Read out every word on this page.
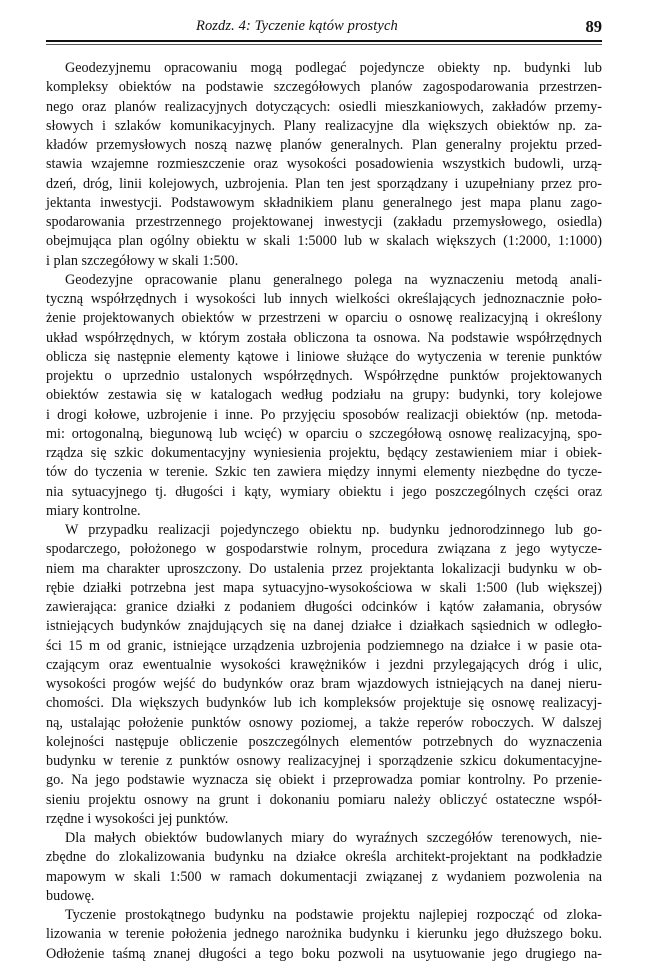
Rozdz. 4: Tyczenie kątów prostych	89
Geodezyjnemu opracowaniu mogą podlegać pojedyncze obiekty np. budynki lub
kompleksy obiektów na podstawie szczegółowych planów zagospodarowania przestrzen-
nego oraz planów realizacyjnych dotyczących: osiedli mieszkaniowych, zakładów przemy-
słowych i szlaków komunikacyjnych. Plany realizacyjne dla większych obiektów np. za-
kładów przemysłowych noszą nazwę planów generalnych. Plan generalny projektu przed-
stawia wzajemne rozmieszczenie oraz wysokości posadowienia wszystkich budowli, urzą-
dzeń, dróg, linii kolejowych, uzbrojenia. Plan ten jest sporządzany i uzupełniany przez pro-
jektanta inwestycji. Podstawowym składnikiem planu generalnego jest mapa planu zago-
spodarowania przestrzennego projektowanej inwestycji (zakładu przemysłowego, osiedla)
obejmująca plan ogólny obiektu w skali 1:5000 lub w skalach większych (1:2000, 1:1000)
i plan szczegółowy w skali 1:500.
Geodezyjne opracowanie planu generalnego polega na wyznaczeniu metodą anali-
tyczną współrzędnych i wysokości lub innych wielkości określających jednoznacznie poło-
żenie projektowanych obiektów w przestrzeni w oparciu o osnowę realizacyjną i określony
układ współrzędnych, w którym została obliczona ta osnowa. Na podstawie współrzędnych
oblicza się następnie elementy kątowe i liniowe służące do wytyczenia w terenie punktów
projektu o uprzednio ustalonych współrzędnych. Współrzędne punktów projektowanych
obiektów zestawia się w katalogach według podziału na grupy: budynki, tory kolejowe
i drogi kołowe, uzbrojenie i inne. Po przyjęciu sposobów realizacji obiektów (np. metoda-
mi: ortogonalną, biegunową lub wcięć) w oparciu o szczegółową osnowę realizacyjną, spo-
rządza się szkic dokumentacyjny wyniesienia projektu, będący zestawieniem miar i obiek-
tów do tyczenia w terenie. Szkic ten zawiera między innymi elementy niezbędne do tycze-
nia sytuacyjnego tj. długości i kąty, wymiary obiektu i jego poszczególnych części oraz
miary kontrolne.
W przypadku realizacji pojedynczego obiektu np. budynku jednorodzinnego lub go-
spodarczego, położonego w gospodarstwie rolnym, procedura związana z jego wytycze-
niem ma charakter uproszczony. Do ustalenia przez projektanta lokalizacji budynku w ob-
rębie działki potrzebna jest mapa sytuacyjno-wysokościowa w skali 1:500 (lub większej)
zawierająca: granice działki z podaniem długości odcinków i kątów załamania, obrysów
istniejących budynków znajdujących się na danej działce i działkach sąsiednich w odległo-
ści 15 m od granic, istniejące urządzenia uzbrojenia podziemnego na działce i w pasie ota-
czającym oraz ewentualnie wysokości krawężników i jezdni przylegających dróg i ulic,
wysokości progów wejść do budynków oraz bram wjazdowych istniejących na danej nieru-
chomości. Dla większych budynków lub ich kompleksów projektuje się osnowę realizacyj-
ną, ustalając położenie punktów osnowy poziomej, a także reperów roboczych. W dalszej
kolejności następuje obliczenie poszczególnych elementów potrzebnych do wyznaczenia
budynku w terenie z punktów osnowy realizacyjnej i sporządzenie szkicu dokumentacyjne-
go. Na jego podstawie wyznacza się obiekt i przeprowadza pomiar kontrolny. Po przenie-
sieniu projektu osnowy na grunt i dokonaniu pomiaru należy obliczyć ostateczne współ-
rzędne i wysokości jej punktów.
Dla małych obiektów budowlanych miary do wyraźnych szczegółów terenowych, nie-
zbędne do zlokalizowania budynku na działce określa architekt-projektant na podkładzie
mapowym w skali 1:500 w ramach dokumentacji związanej z wydaniem pozwolenia na
budowę.
Tyczenie prostokątnego budynku na podstawie projektu najlepiej rozpocząć od zloka-
lizowania w terenie położenia jednego narożnika budynku i kierunku jego dłuższego boku.
Odłożenie taśmą znanej długości a tego boku pozwoli na usytuowanie jego drugiego na-
